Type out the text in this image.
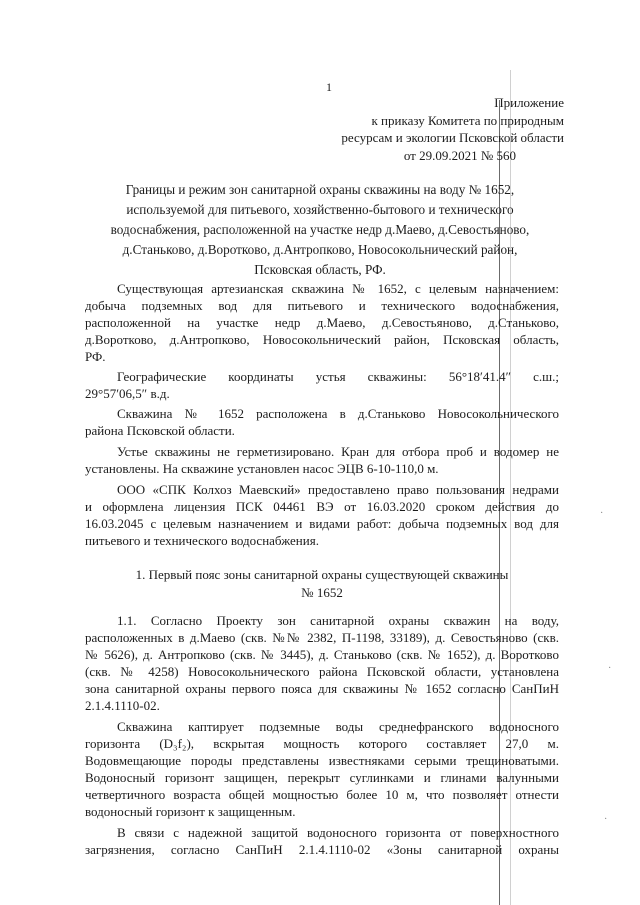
1
Приложение
к приказу Комитета по природным
ресурсам и экологии Псковской области
от 29.09.2021 № 560
Границы и режим зон санитарной охраны скважины на воду № 1652,
используемой для питьевого, хозяйственно-бытового и технического
водоснабжения, расположенной на участке недр д.Маево, д.Севостьяново,
д.Станьково, д.Воротково, д.Антропково, Новосокольнический район,
Псковская область, РФ.
Существующая артезианская скважина № 1652, с целевым назначением:
добыча подземных вод для питьевого и технического водоснабжения,
расположенной на участке недр д.Маево, д.Севостьяново, д.Станьково,
д.Воротково, д.Антропково, Новосокольнический район, Псковская область,
РФ.
Географические координаты устья скважины: 56°18′41.4″ с.ш.;
29°57′06,5″ в.д.
Скважина № 1652 расположена в д.Станьково Новосокольнического
района Псковской области.
Устье скважины не герметизировано. Кран для отбора проб и водомер не
установлены. На скважине установлен насос ЭЦВ 6-10-110,0 м.
ООО «СПК Колхоз Маевский» предоставлено право пользования недрами
и оформлена лицензия ПСК 04461 ВЭ от 16.03.2020 сроком действия до
16.03.2045 с целевым назначением и видами работ: добыча подземных вод для
питьевого и технического водоснабжения.
1. Первый пояс зоны санитарной охраны существующей скважины
№ 1652
1.1. Согласно Проекту зон санитарной охраны скважин на воду,
расположенных в д.Маево (скв. №№ 2382, П-1198, 33189), д. Севостьяново (скв.
№ 5626), д. Антропково (скв. № 3445), д. Станьково (скв. № 1652), д. Воротково
(скв. № 4258) Новосокольнического района Псковской области, установлена
зона санитарной охраны первого пояса для скважины № 1652 согласно СанПиН
2.1.4.1110-02.
Скважина каптирует подземные воды среднефранского водоносного
горизонта (D₃f₂), вскрытая мощность которого составляет 27,0 м.
Водовмещающие породы представлены известняками серыми трещиноватыми.
Водоносный горизонт защищен, перекрыт суглинками и глинами валунными
четвертичного возраста общей мощностью более 10 м, что позволяет отнести
водоносный горизонт к защищенным.
В связи с надежной защитой водоносного горизонта от поверхностного
загрязнения, согласно СанПиН 2.1.4.1110-02 «Зоны санитарной охраны
·
·
·
